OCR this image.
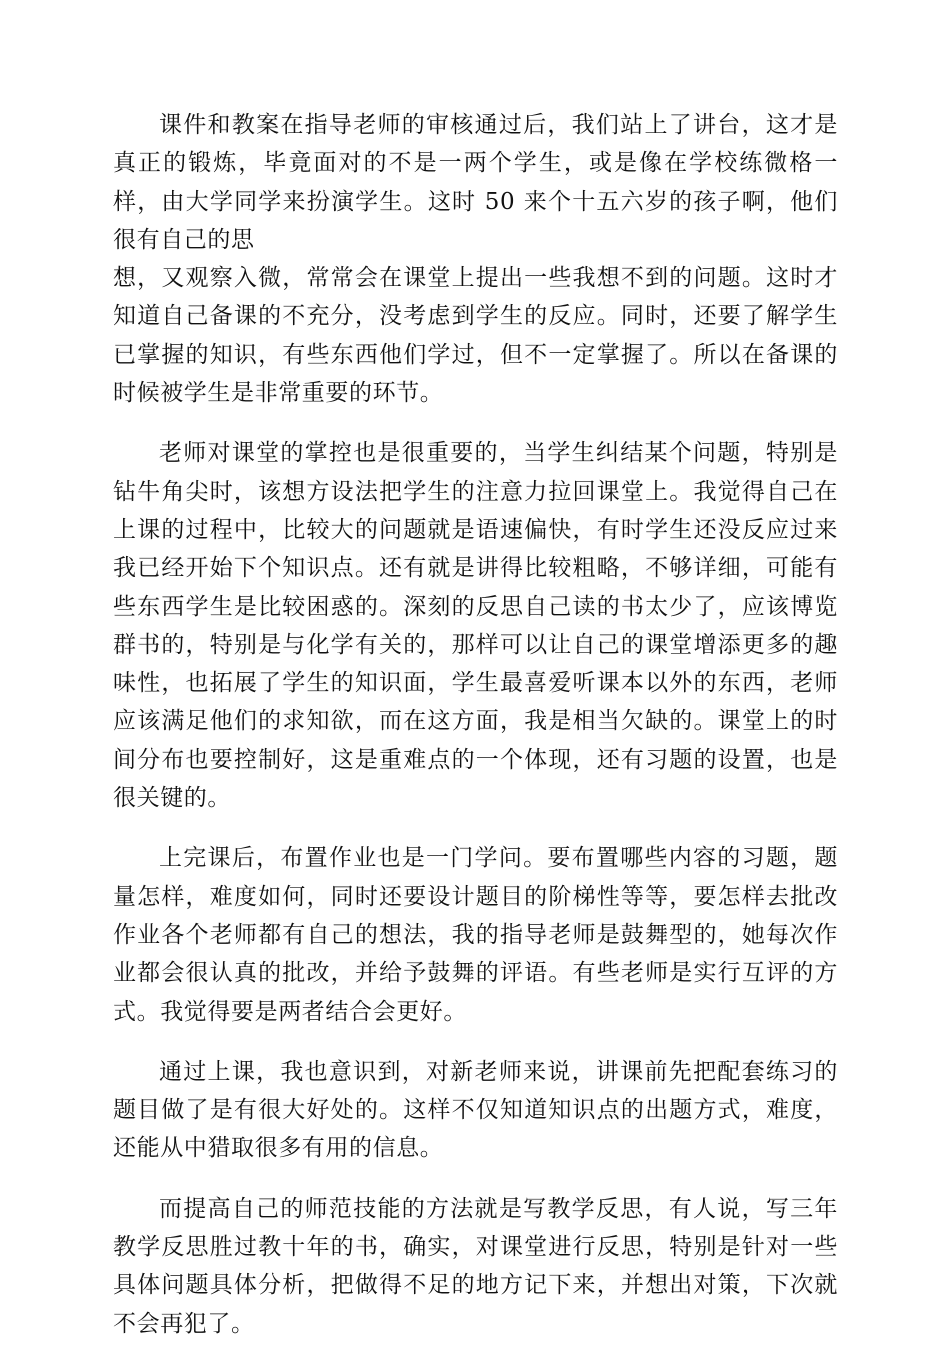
课件和教案在指导老师的审核通过后，我们站上了讲台，这才是真正的锻炼，毕竟面对的不是一两个学生，或是像在学校练微格一样，由大学同学来扮演学生。这时 50 来个十五六岁的孩子啊，他们很有自己的思
想，又观察入微，常常会在课堂上提出一些我想不到的问题。这时才知道自己备课的不充分，没考虑到学生的反应。同时，还要了解学生已掌握的知识，有些东西他们学过，但不一定掌握了。所以在备课的时候被学生是非常重要的环节。

老师对课堂的掌控也是很重要的，当学生纠结某个问题，特别是钻牛角尖时，该想方设法把学生的注意力拉回课堂上。我觉得自己在上课的过程中，比较大的问题就是语速偏快，有时学生还没反应过来我已经开始下个知识点。还有就是讲得比较粗略，不够详细，可能有些东西学生是比较困惑的。深刻的反思自己读的书太少了，应该博览群书的，特别是与化学有关的，那样可以让自己的课堂增添更多的趣味性，也拓展了学生的知识面，学生最喜爱听课本以外的东西，老师应该满足他们的求知欲，而在这方面，我是相当欠缺的。课堂上的时间分布也要控制好，这是重难点的一个体现，还有习题的设置，也是很关键的。

上完课后，布置作业也是一门学问。要布置哪些内容的习题，题量怎样，难度如何，同时还要设计题目的阶梯性等等，要怎样去批改作业各个老师都有自己的想法，我的指导老师是鼓舞型的，她每次作业都会很认真的批改，并给予鼓舞的评语。有些老师是实行互评的方式。我觉得要是两者结合会更好。

通过上课，我也意识到，对新老师来说，讲课前先把配套练习的题目做了是有很大好处的。这样不仅知道知识点的出题方式，难度，还能从中猎取很多有用的信息。

而提高自己的师范技能的方法就是写教学反思，有人说，写三年教学反思胜过教十年的书，确实，对课堂进行反思，特别是针对一些具体问题具体分析，把做得不足的地方记下来，并想出对策，下次就不会再犯了。
